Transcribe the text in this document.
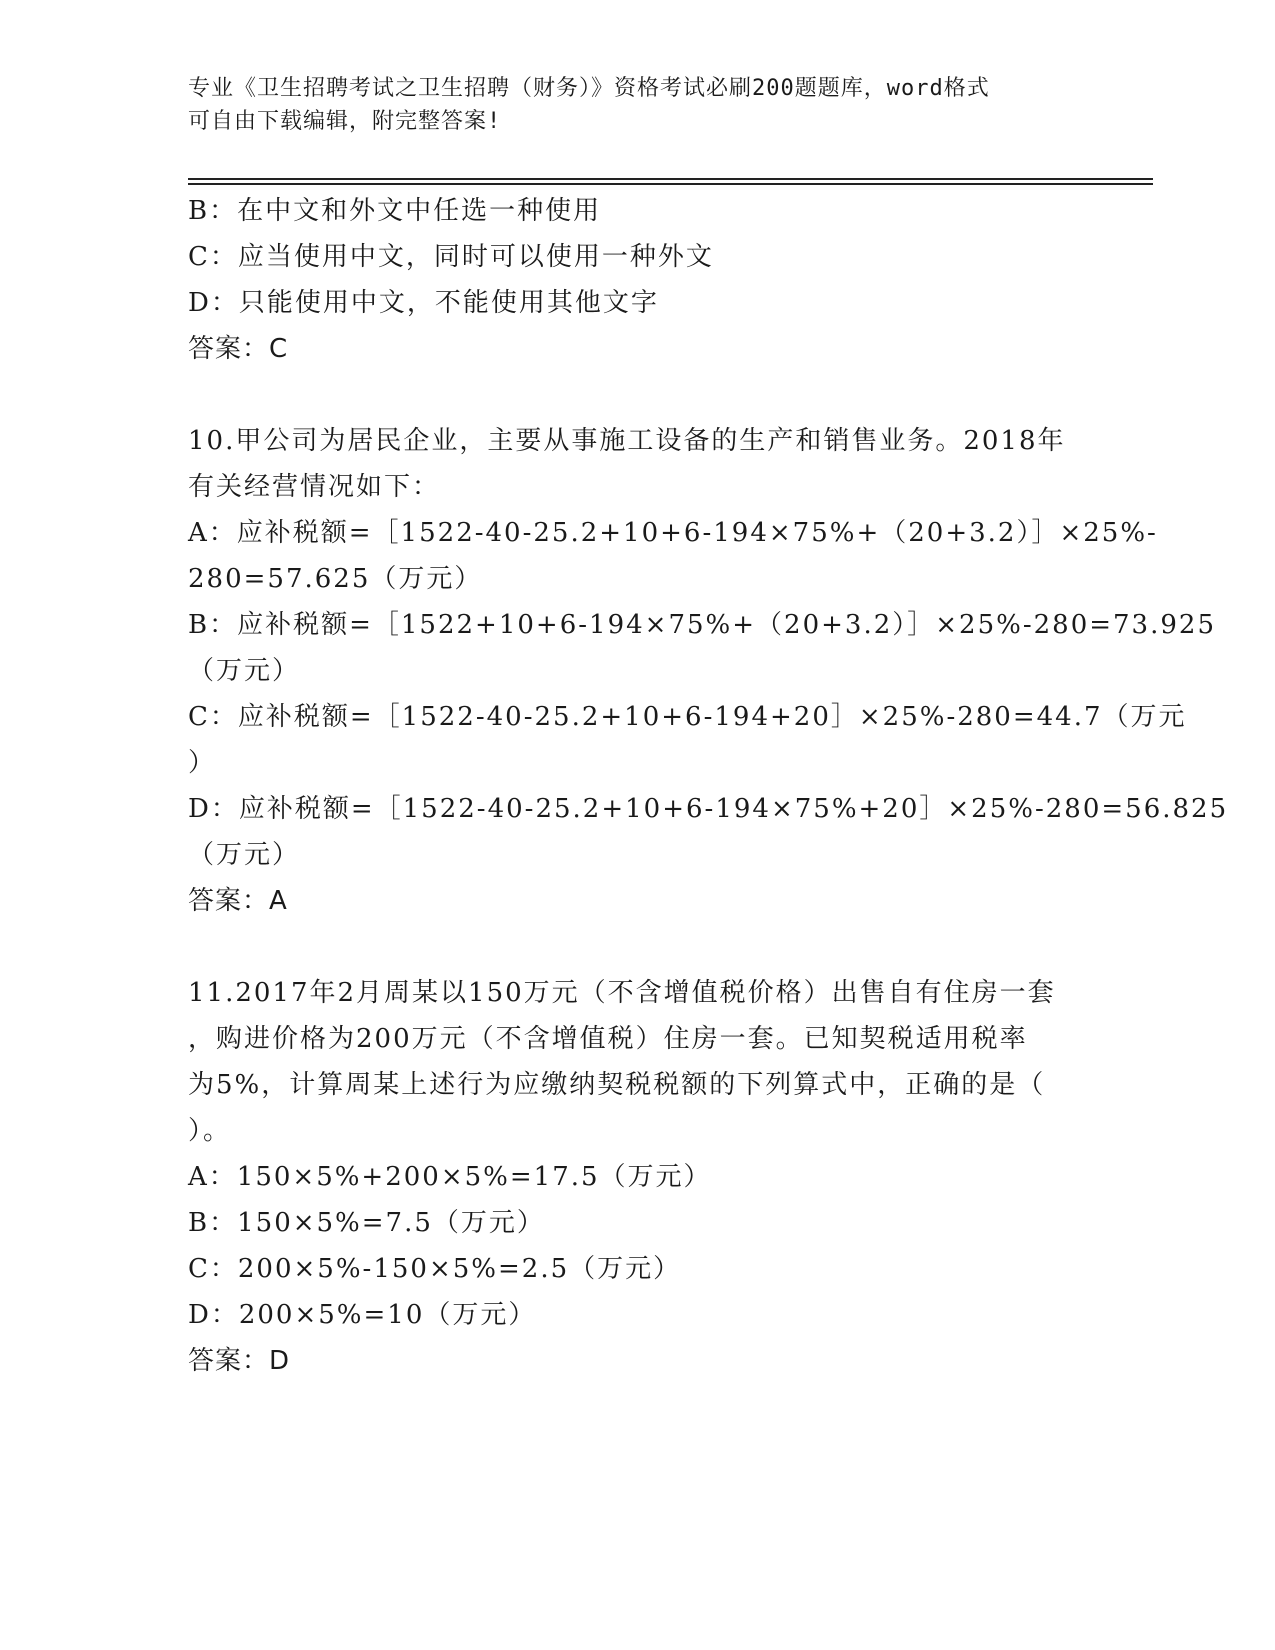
专业《卫生招聘考试之卫生招聘（财务）》资格考试必刷200题题库，word格式
可自由下载编辑，附完整答案!
B：在中文和外文中任选一种使用
C：应当使用中文，同时可以使用一种外文
D：只能使用中文，不能使用其他文字
答案：C
10.甲公司为居民企业，主要从事施工设备的生产和销售业务。2018年
有关经营情况如下：
A：应补税额=［1522-40-25.2+10+6-194×75%+（20+3.2）］×25%-
280=57.625（万元）
B：应补税额=［1522+10+6-194×75%+（20+3.2）］×25%-280=73.925
（万元）
C：应补税额=［1522-40-25.2+10+6-194+20］×25%-280=44.7（万元
）
D：应补税额=［1522-40-25.2+10+6-194×75%+20］×25%-280=56.825
（万元）
答案：A
11.2017年2月周某以150万元（不含增值税价格）出售自有住房一套
，购进价格为200万元（不含增值税）住房一套。已知契税适用税率
为5%，计算周某上述行为应缴纳契税税额的下列算式中，正确的是（
）。
A：150×5%+200×5%=17.5（万元）
B：150×5%=7.5（万元）
C：200×5%-150×5%=2.5（万元）
D：200×5%=10（万元）
答案：D
